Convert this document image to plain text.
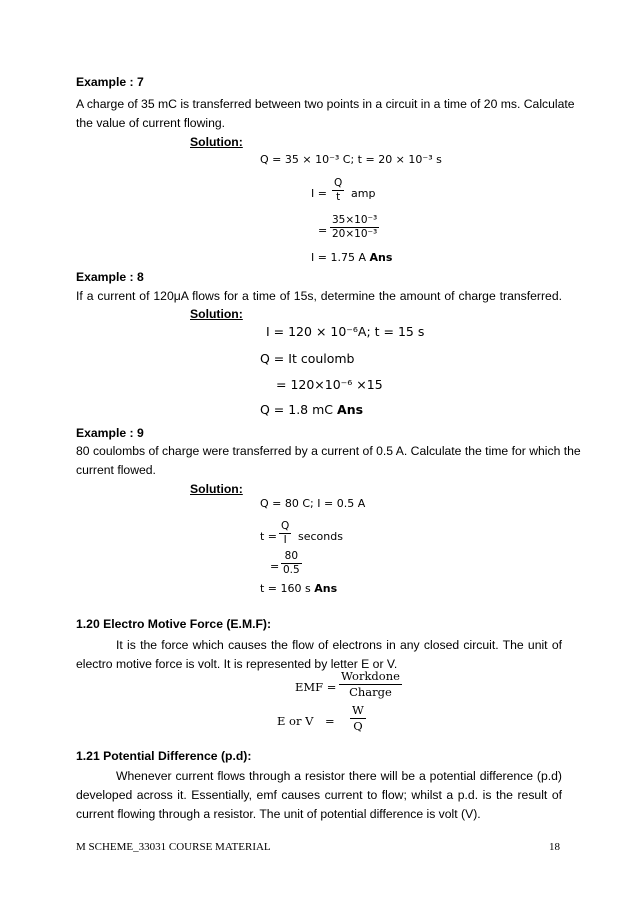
Example : 7
A charge of 35 mC is transferred between two points in a circuit in a time of 20 ms. Calculate
the value of current flowing.
Solution:
Q = 35 × 10⁻³ C; t = 20 × 10⁻³ s
$I = \frac{Q}{t}$ amp
= $\frac{\text{35×10⁻³}}{\text{20×10⁻³}}$
I = 1.75 A Ans
Example : 8
If a current of 120μA flows for a time of 15s, determine the amount of charge transferred.
Solution:
I = 120 × 10⁻⁶A; t = 15 s
Q = It coulomb
= 120×10⁻⁶ ×15
Q = 1.8 mC Ans
Example : 9
80 coulombs of charge were transferred by a current of 0.5 A. Calculate the time for which the
current flowed.
Solution:
Q = 80 C; I = 0.5 A
$t = \frac{Q}{I}$ seconds
= $\frac{80}{0.5}$
t = 160 s Ans
1.20 Electro Motive Force (E.M.F):
It is the force which causes the flow of electrons in any closed circuit. The unit of
electro motive force is volt. It is represented by letter E or V.
EMF =
Workdone
Charge
E or $V = \frac{W}{Q}$
1.21 Potential Difference (p.d):
Whenever current flows through a resistor there will be a potential difference (p.d)
developed across it. Essentially, emf causes current to flow; whilst a p.d. is the result of
current flowing through a resistor. The unit of potential difference is volt (V).
M SCHEME_33031 COURSE MATERIAL	18
